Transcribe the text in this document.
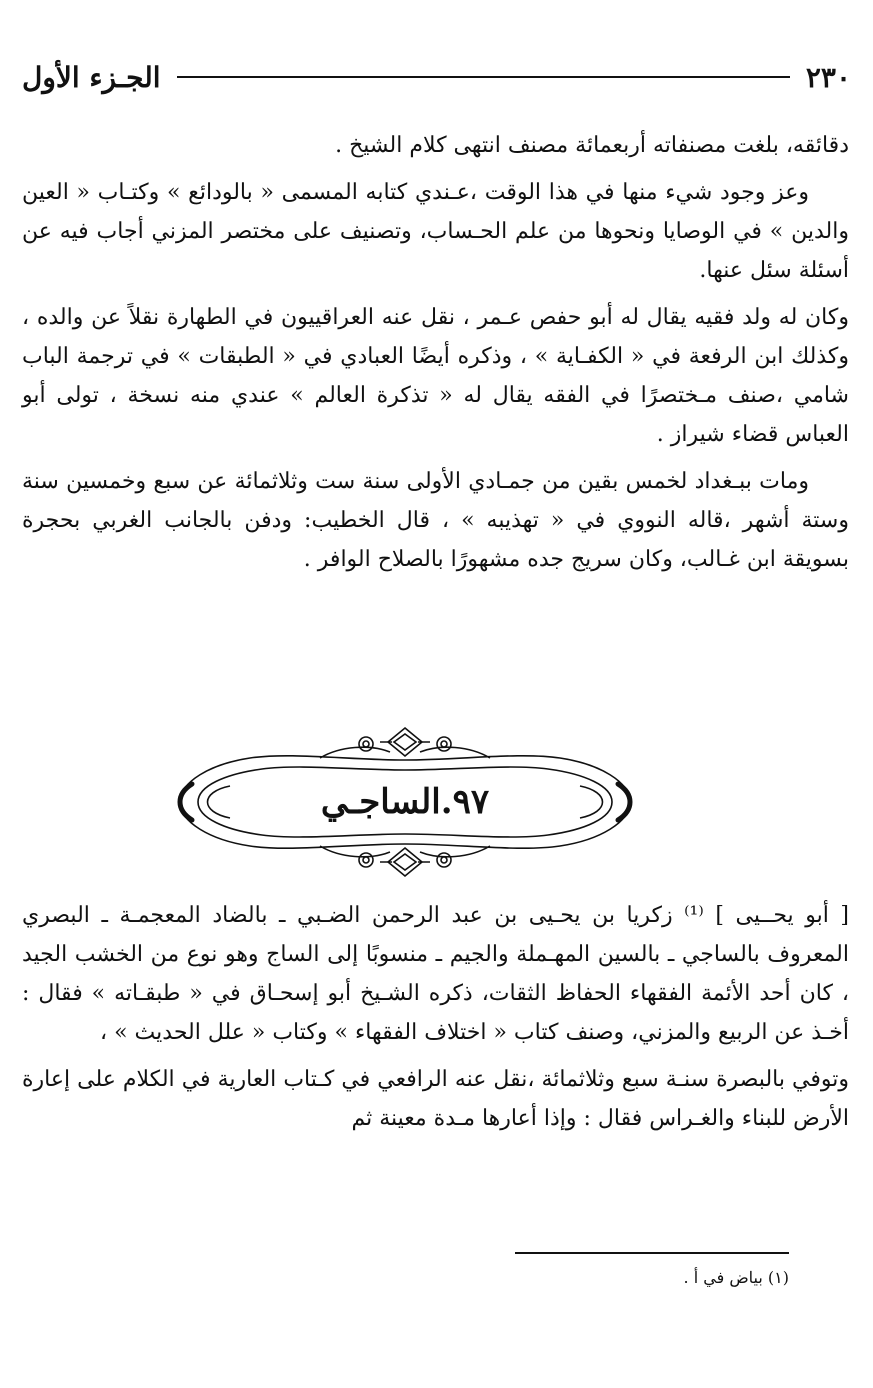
٢٣٠
الجـزء الأول

دقائقه، بلغت مصنفاته أربعمائة مصنف انتهى كلام الشيخ .

وعز وجود شيء منها في هذا الوقت ،عـندي كتابه المسمى « بالودائع » وكتـاب « العين والدين » في الوصايا ونحوها من علم الحـساب، وتصنيف على مختصر المزني أجاب فيه عن أسئلة سئل عنها.

وكان له ولد فقيه يقال له أبو حفص عـمر ، نقل عنه العراقييون في الطهارة نقلاً عن والده ، وكذلك ابن الرفعة في « الكفـاية » ، وذكره أيضًا العبادي في « الطبقات » في ترجمة الباب شامي ،صنف مـختصرًا في الفقه يقال له « تذكرة العالم » عندي منه نسخة ، تولى أبو العباس قضاء شيراز .

ومات ببـغداد لخمس بقين من جمـادي الأولى سنة ست وثلاثمائة عن سبع وخمسين سنة وستة أشهر ،قاله النووي في « تهذيبه » ، قال الخطيب: ودفن بالجانب الغربي بحجرة بسويقة ابن غـالب، وكان سريج جده مشهورًا بالصلاح الوافر .

٩٧.الساجـي

[ أبو يحــيى ] ⁽¹⁾ زكريا بن يحـيى بن عبد الرحمن الضـبي ـ بالضاد المعجمـة ـ البصري المعروف بالساجي ـ بالسين المهـملة والجيم ـ منسوبًا إلى الساج وهو نوع من الخشب الجيد ، كان أحد الأئمة الفقهاء الحفاظ الثقات، ذكره الشـيخ أبو إسحـاق في « طبقـاته » فقال : أخـذ عن الربيع والمزني، وصنف كتاب « اختلاف الفقهاء » وكتاب « علل الحديث » ،

وتوفي بالبصرة سنـة سبع وثلاثمائة ،نقل عنه الرافعي في كـتاب العارية في الكلام على إعارة الأرض للبناء والغـراس فقال : وإذا أعارها مـدة معينة ثم

(١) بياض في أ .
